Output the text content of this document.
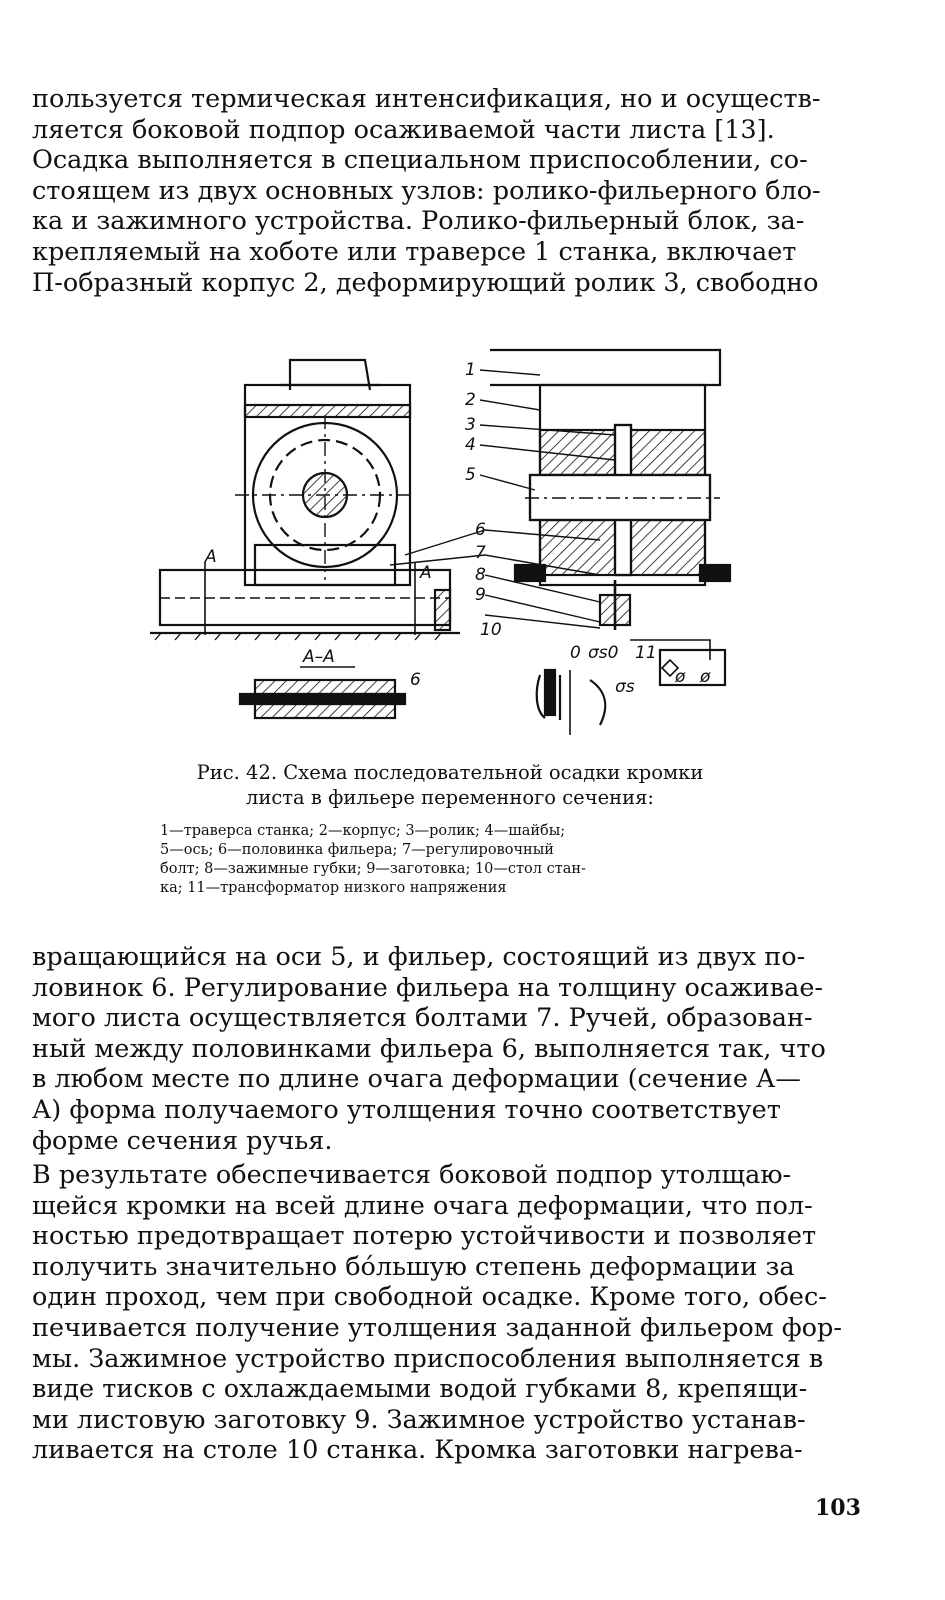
пользуется термическая интенсификация, но и осуществ-
ляется боковой подпор осаживаемой части листа [13].
Осадка выполняется в специальном приспособлении, со-
стоящем из двух основных узлов: ролико-фильерного бло-
ка и зажимного устройства. Ролико-фильерный блок, за-
крепляемый на хоботе или траверсе 1 станка, включает
П-образный корпус 2, деформирующий ролик 3, свободно
1
2
3
4
5
6
7
8
9
10
11
A
A
A–A
6
0 σs0
σs ø ø
Рис. 42. Схема последовательной осадки кромки
листа в фильере переменного сечения:
1—траверса станка; 2—корпус; 3—ролик; 4—шайбы;
5—ось; 6—половинка фильера; 7—регулировочный
болт; 8—зажимные губки; 9—заготовка; 10—стол стан-
ка; 11—трансформатор низкого напряжения
вращающийся на оси 5, и фильер, состоящий из двух по-
ловинок 6. Регулирование фильера на толщину осаживае-
мого листа осуществляется болтами 7. Ручей, образован-
ный между половинками фильера 6, выполняется так, что
в любом месте по длине очага деформации (сечение А—
А) форма получаемого утолщения точно соответствует
форме сечения ручья.
В результате обеспечивается боковой подпор утолщаю-
щейся кромки на всей длине очага деформации, что пол-
ностью предотвращает потерю устойчивости и позволяет
получить значительно бо́льшую степень деформации за
один проход, чем при свободной осадке. Кроме того, обес-
печивается получение утолщения заданной фильером фор-
мы. Зажимное устройство приспособления выполняется в
виде тисков с охлаждаемыми водой губками 8, крепящи-
ми листовую заготовку 9. Зажимное устройство устанав-
ливается на столе 10 станка. Кромка заготовки нагрева-
103
